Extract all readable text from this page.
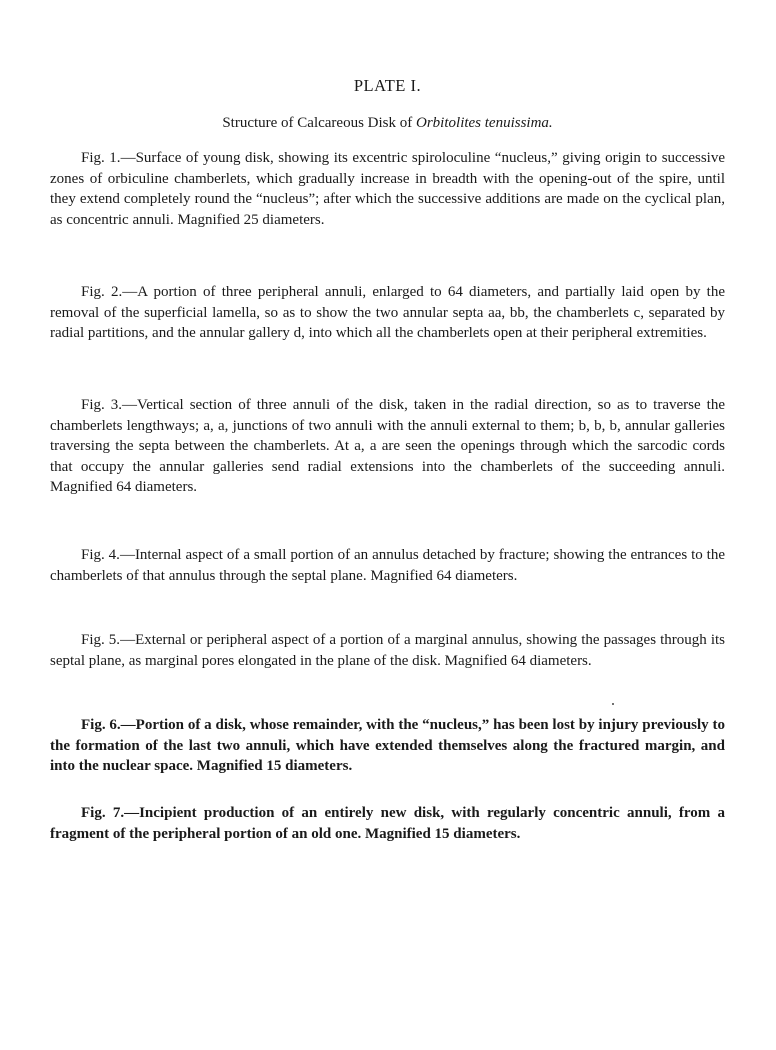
PLATE I.
Structure of Calcareous Disk of Orbitolites tenuissima.

Fig. 1.—Surface of young disk, showing its excentric spiroloculine “nucleus,” giving origin to successive zones of orbiculine chamberlets, which gradually increase in breadth with the opening-out of the spire, until they extend completely round the “nucleus”; after which the successive additions are made on the cyclical plan, as concentric annuli. Magnified 25 diameters.

Fig. 2.—A portion of three peripheral annuli, enlarged to 64 diameters, and partially laid open by the removal of the superficial lamella, so as to show the two annular septa aa, bb, the chamberlets c, separated by radial partitions, and the annular gallery d, into which all the chamberlets open at their peripheral extremities.

Fig. 3.—Vertical section of three annuli of the disk, taken in the radial direction, so as to traverse the chamberlets lengthways; a, a, junctions of two annuli with the annuli external to them; b, b, b, annular galleries traversing the septa between the chamberlets. At a, a are seen the openings through which the sarcodic cords that occupy the annular galleries send radial extensions into the chamberlets of the succeeding annuli. Magnified 64 diameters.

Fig. 4.—Internal aspect of a small portion of an annulus detached by fracture; showing the entrances to the chamberlets of that annulus through the septal plane. Magnified 64 diameters.

Fig. 5.—External or peripheral aspect of a portion of a marginal annulus, showing the passages through its septal plane, as marginal pores elongated in the plane of the disk. Magnified 64 diameters.

Fig. 6.—Portion of a disk, whose remainder, with the “nucleus,” has been lost by injury previously to the formation of the last two annuli, which have extended themselves along the fractured margin, and into the nuclear space. Magnified 15 diameters.

Fig. 7.—Incipient production of an entirely new disk, with regularly concentric annuli, from a fragment of the peripheral portion of an old one. Magnified 15 diameters.
